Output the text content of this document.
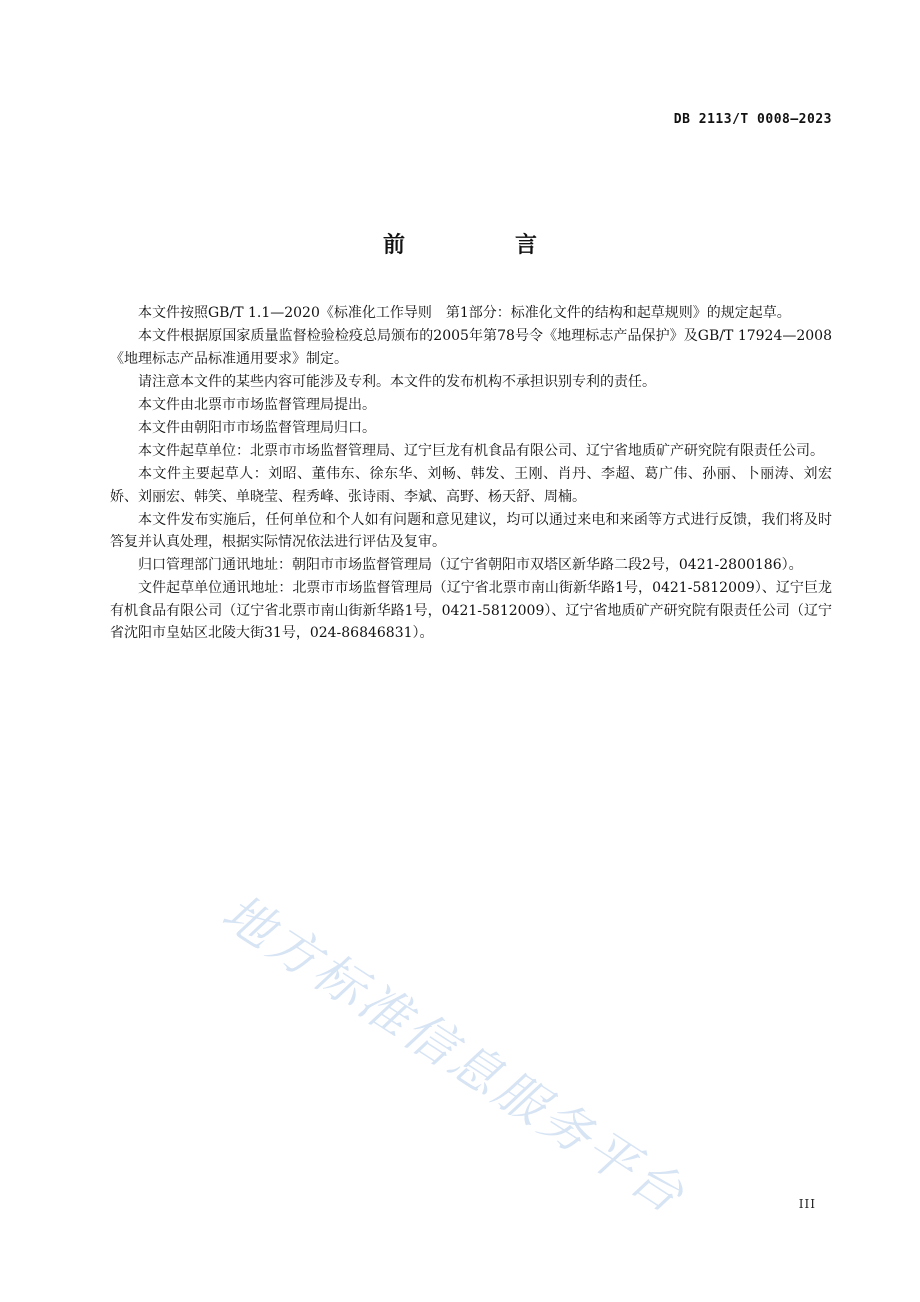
DB 2113/T 0008—2023
前　言

本文件按照GB/T 1.1—2020《标准化工作导则　第1部分：标准化文件的结构和起草规则》的规定起草。

本文件根据原国家质量监督检验检疫总局颁布的2005年第78号令《地理标志产品保护》及GB/T 17924—2008《地理标志产品标准通用要求》制定。

请注意本文件的某些内容可能涉及专利。本文件的发布机构不承担识别专利的责任。

本文件由北票市市场监督管理局提出。

本文件由朝阳市市场监督管理局归口。

本文件起草单位：北票市市场监督管理局、辽宁巨龙有机食品有限公司、辽宁省地质矿产研究院有限责任公司。

本文件主要起草人：刘昭、董伟东、徐东华、刘畅、韩发、王刚、肖丹、李超、葛广伟、孙丽、卜丽涛、刘宏娇、刘丽宏、韩笑、单晓莹、程秀峰、张诗雨、李斌、高野、杨天舒、周楠。

本文件发布实施后，任何单位和个人如有问题和意见建议，均可以通过来电和来函等方式进行反馈，我们将及时答复并认真处理，根据实际情况依法进行评估及复审。

归口管理部门通讯地址：朝阳市市场监督管理局（辽宁省朝阳市双塔区新华路二段2号，0421-2800186）。

文件起草单位通讯地址：北票市市场监督管理局（辽宁省北票市南山街新华路1号，0421-5812009）、辽宁巨龙有机食品有限公司（辽宁省北票市南山街新华路1号，0421-5812009）、辽宁省地质矿产研究院有限责任公司（辽宁省沈阳市皇姑区北陵大街31号，024-86846831）。

地方标准信息服务平台	III
